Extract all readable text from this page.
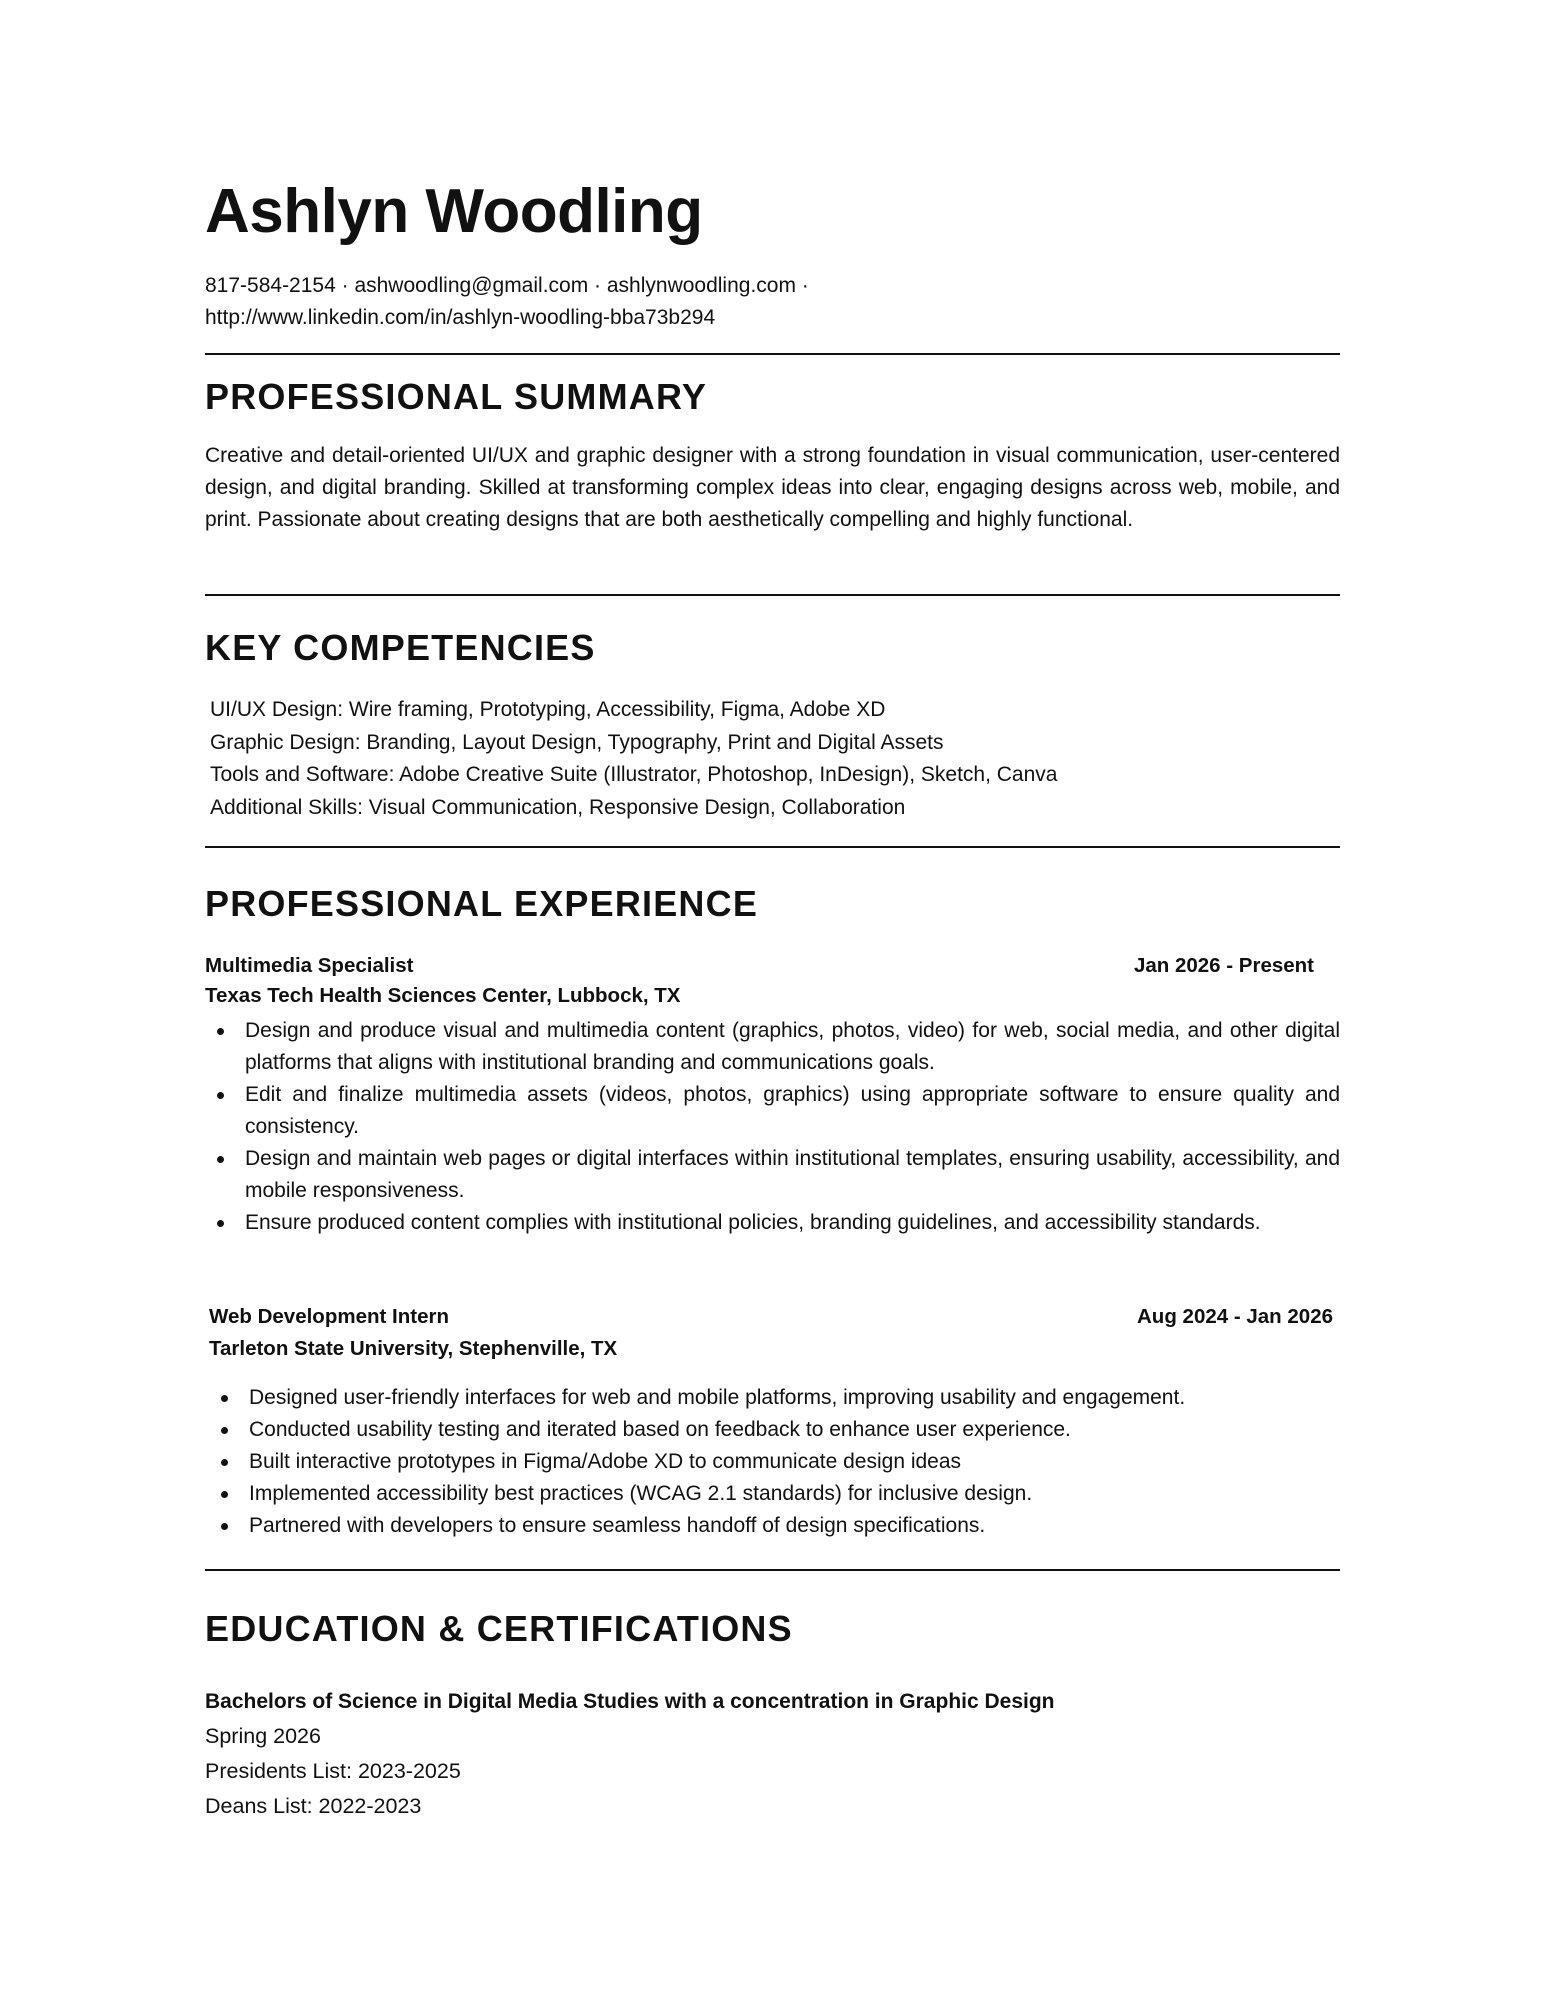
Ashlyn Woodling
817-584-2154 · ashwoodling@gmail.com · ashlynwoodling.com ·
http://www.linkedin.com/in/ashlyn-woodling-bba73b294
PROFESSIONAL SUMMARY

Creative and detail-oriented UI/UX and graphic designer with a strong foundation in visual communication, user-centered design, and digital branding. Skilled at transforming complex ideas into clear, engaging designs across web, mobile, and print. Passionate about creating designs that are both aesthetically compelling and highly functional.

KEY COMPETENCIES
UI/UX Design: Wire framing, Prototyping, Accessibility, Figma, Adobe XD
Graphic Design: Branding, Layout Design, Typography, Print and Digital Assets
Tools and Software: Adobe Creative Suite (Illustrator, Photoshop, InDesign), Sketch, Canva
Additional Skills: Visual Communication, Responsive Design, Collaboration
PROFESSIONAL EXPERIENCE
Multimedia Specialist	Jan 2026 - Present
Texas Tech Health Sciences Center, Lubbock, TX
Design and produce visual and multimedia content (graphics, photos, video) for web, social media, and other digital platforms that aligns with institutional branding and communications goals.
Edit and finalize multimedia assets (videos, photos, graphics) using appropriate software to ensure quality and consistency.
Design and maintain web pages or digital interfaces within institutional templates, ensuring usability, accessibility, and mobile responsiveness.
Ensure produced content complies with institutional policies, branding guidelines, and accessibility standards.
Web Development Intern	Aug 2024 - Jan 2026
Tarleton State University, Stephenville, TX
Designed user-friendly interfaces for web and mobile platforms, improving usability and engagement.
Conducted usability testing and iterated based on feedback to enhance user experience.
Built interactive prototypes in Figma/Adobe XD to communicate design ideas
Implemented accessibility best practices (WCAG 2.1 standards) for inclusive design.
Partnered with developers to ensure seamless handoff of design specifications.
EDUCATION & CERTIFICATIONS
Bachelors of Science in Digital Media Studies with a concentration in Graphic Design
Spring 2026
Presidents List: 2023-2025
Deans List: 2022-2023
